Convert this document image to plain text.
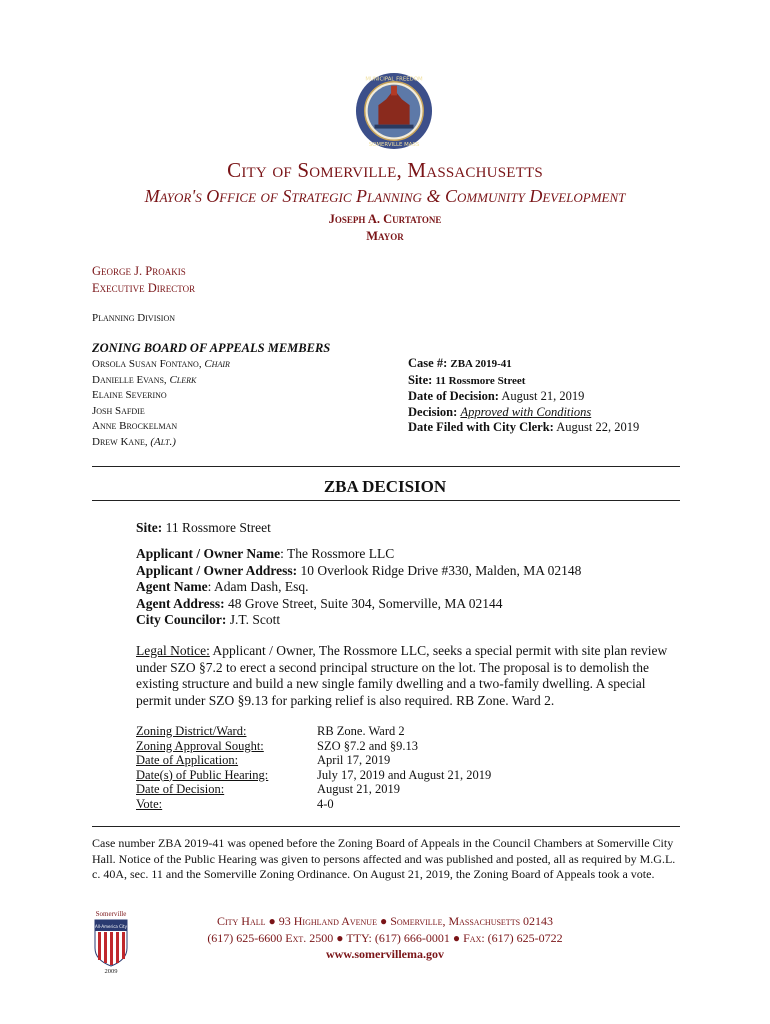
MUNICIPAL FREEDOM
SOMERVILLE MASS
City of Somerville, Massachusetts
Mayor's Office of Strategic Planning & Community Development
Joseph A. Curtatone
Mayor
George J. Proakis
Executive Director
Planning Division
ZONING BOARD OF APPEALS MEMBERS
Orsola Susan Fontano, Chair
Danielle Evans, Clerk
Elaine Severino
Josh Safdie
Anne Brockelman
Drew Kane, (Alt.)
Case #: ZBA 2019-41
Site: 11 Rossmore Street
Date of Decision: August 21, 2019
Decision: Approved with Conditions
Date Filed with City Clerk: August 22, 2019
ZBA DECISION
Site: 11 Rossmore Street
Applicant / Owner Name: The Rossmore LLC
Applicant / Owner Address: 10 Overlook Ridge Drive #330, Malden, MA 02148
Agent Name: Adam Dash, Esq.
Agent Address: 48 Grove Street, Suite 304, Somerville, MA 02144
City Councilor: J.T. Scott
Legal Notice: Applicant / Owner, The Rossmore LLC, seeks a special permit with site plan review under SZO §7.2 to erect a second principal structure on the lot. The proposal is to demolish the existing structure and build a new single family dwelling and a two-family dwelling. A special permit under SZO §9.13 for parking relief is also required. RB Zone. Ward 2.
Zoning District/Ward:	RB Zone. Ward 2
Zoning Approval Sought:	SZO §7.2 and §9.13
Date of Application:	April 17, 2019
Date(s) of Public Hearing:	July 17, 2019 and August 21, 2019
Date of Decision:	August 21, 2019
Vote:	4-0
Case number ZBA 2019-41 was opened before the Zoning Board of Appeals in the Council Chambers at Somerville City Hall. Notice of the Public Hearing was given to persons affected and was published and posted, all as required by M.G.L. c. 40A, sec. 11 and the Somerville Zoning Ordinance. On August 21, 2019, the Zoning Board of Appeals took a vote.
Somerville
All-America City
2009
City Hall ● 93 Highland Avenue ● Somerville, Massachusetts 02143
(617) 625-6600 Ext. 2500 ● TTY: (617) 666-0001 ● Fax: (617) 625-0722
www.somervillema.gov
